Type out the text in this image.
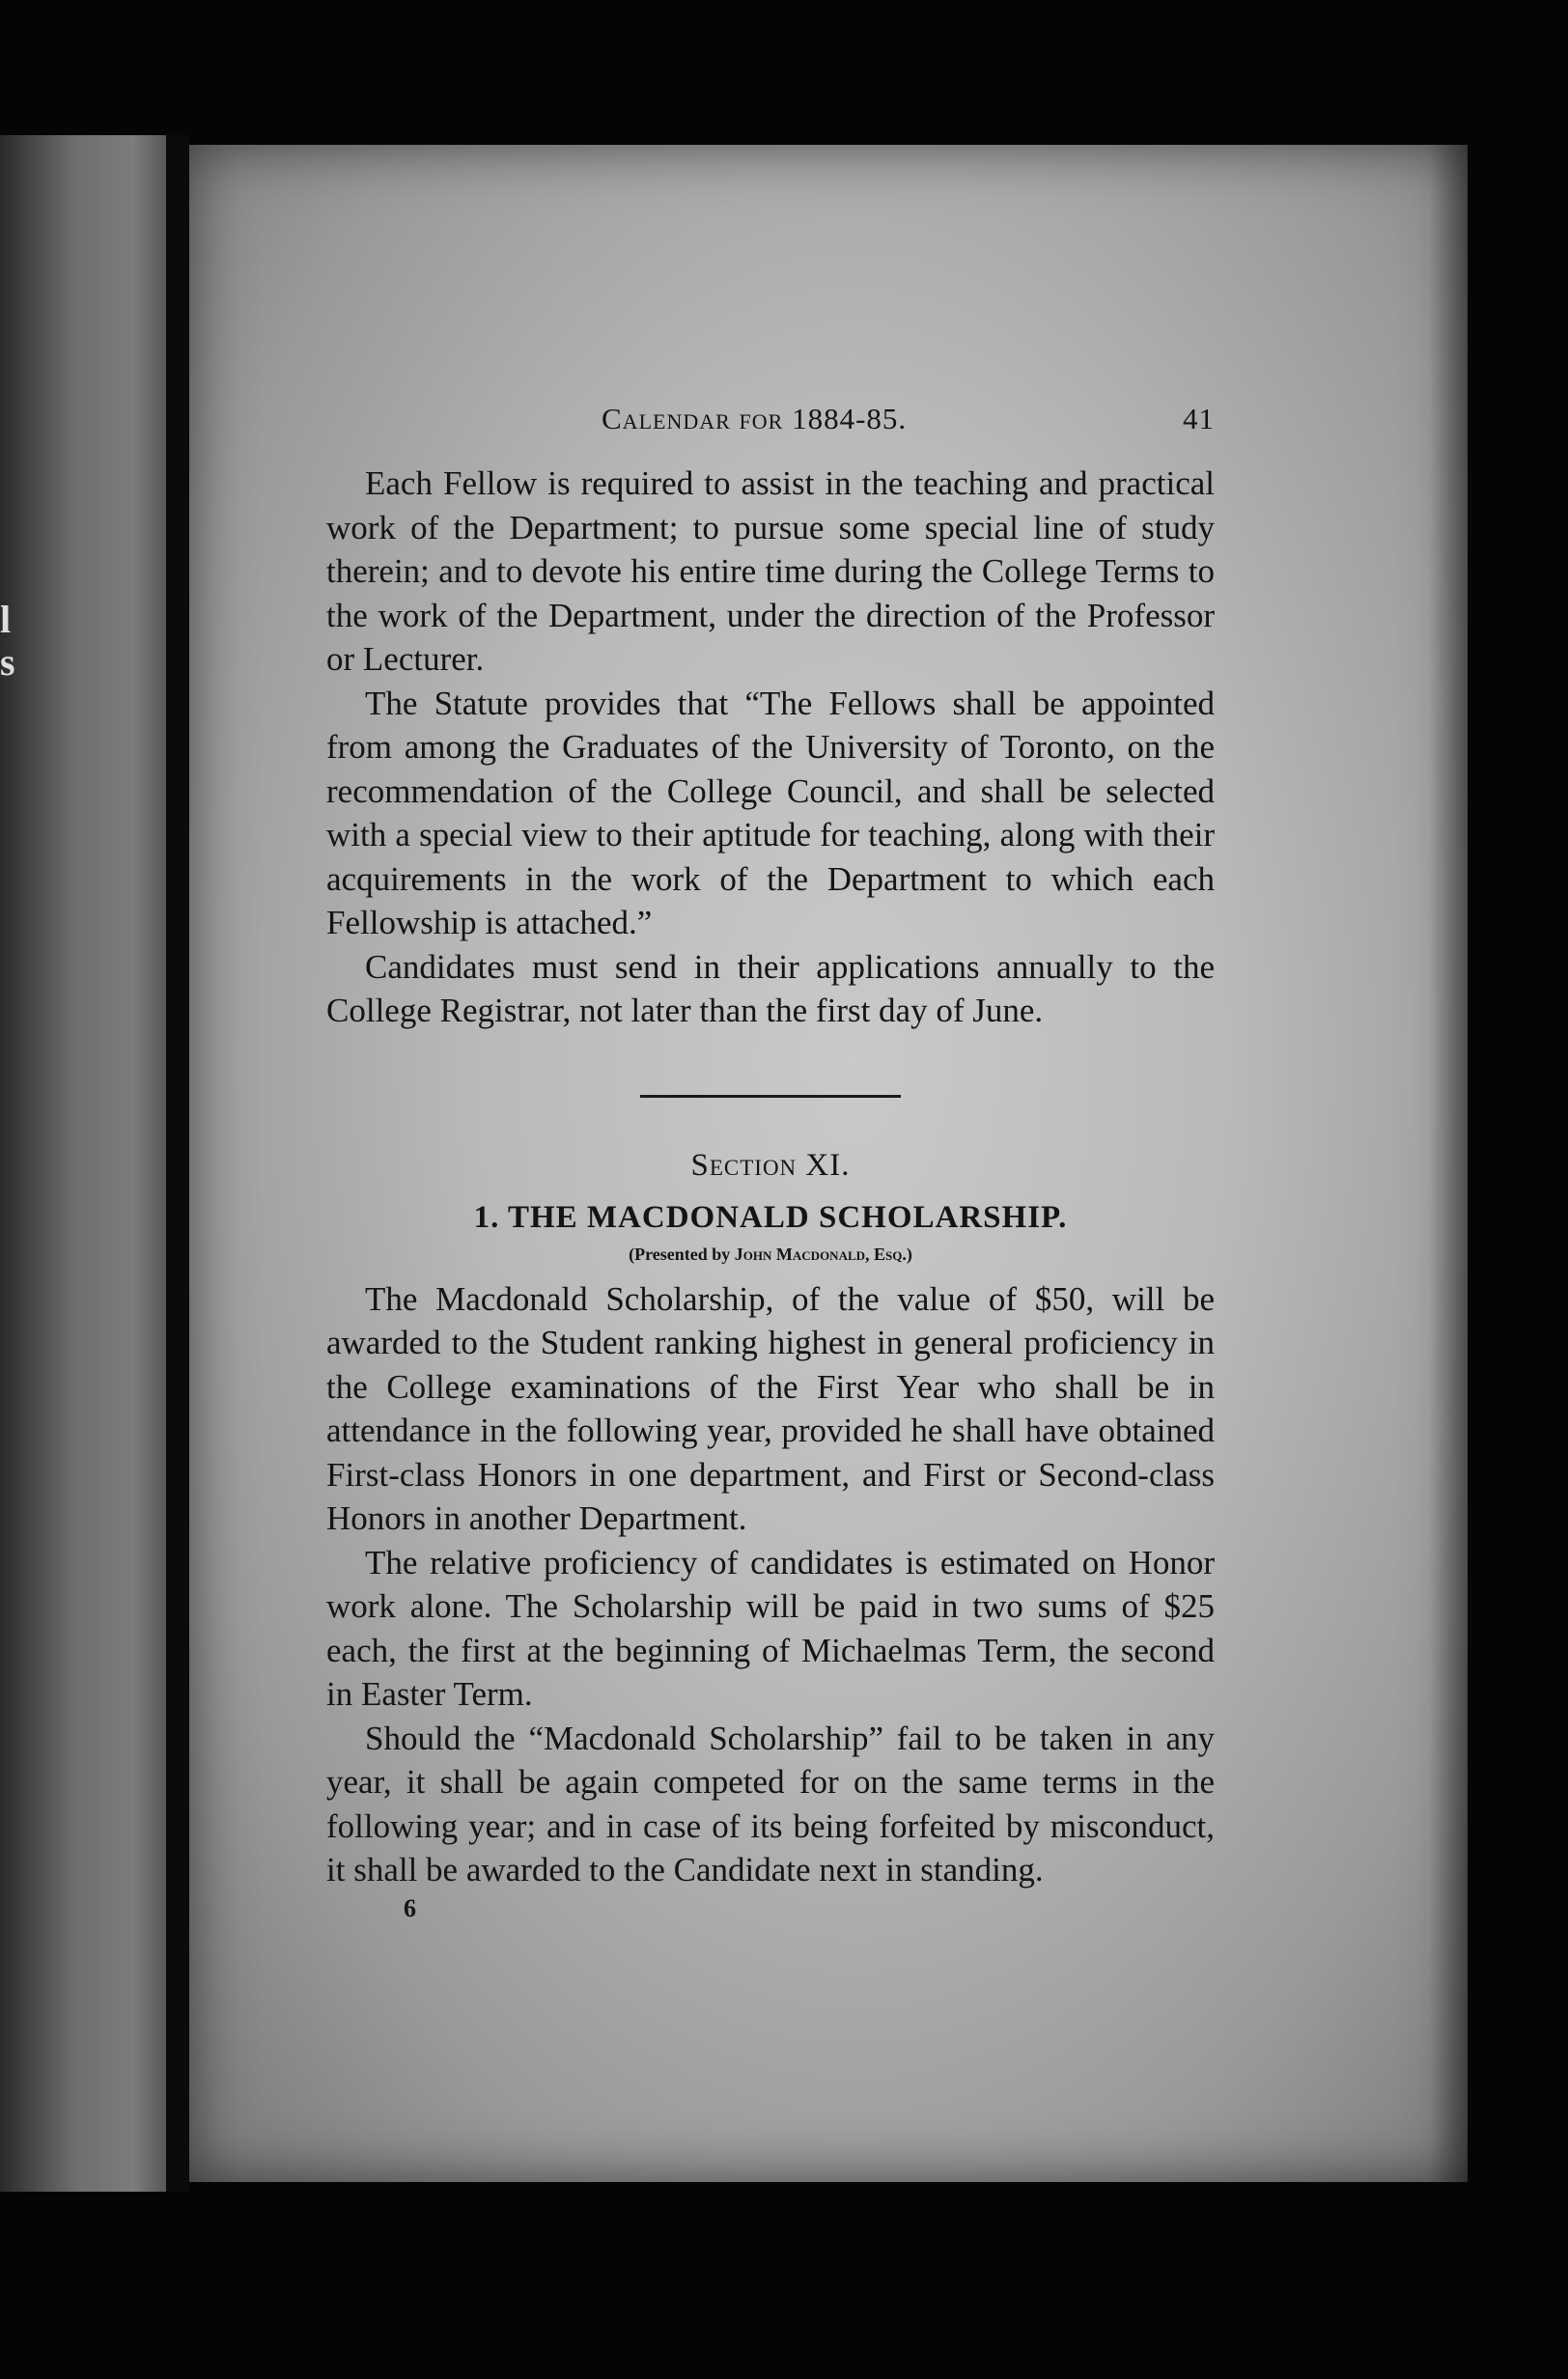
l
s
Calendar for 1884-85.	41

Each Fellow is required to assist in the teaching and practical work of the Department; to pursue some special line of study therein; and to devote his entire time during the College Terms to the work of the Department, under the direction of the Professor or Lecturer.

The Statute provides that “The Fellows shall be appointed from among the Graduates of the University of Toronto, on the recommendation of the College Council, and shall be selected with a special view to their aptitude for teaching, along with their acquirements in the work of the Department to which each Fellowship is attached.”

Candidates must send in their applications annually to the College Registrar, not later than the first day of June.

Section XI.
1. THE MACDONALD SCHOLARSHIP.
(Presented by John Macdonald, Esq.)

The Macdonald Scholarship, of the value of $50, will be awarded to the Student ranking highest in general proficiency in the College examinations of the First Year who shall be in attendance in the following year, provided he shall have obtained First-class Honors in one department, and First or Second-class Honors in another Department.

The relative proficiency of candidates is estimated on Honor work alone. The Scholarship will be paid in two sums of $25 each, the first at the beginning of Michaelmas Term, the second in Easter Term.

Should the “Macdonald Scholarship” fail to be taken in any year, it shall be again competed for on the same terms in the following year; and in case of its being forfeited by misconduct, it shall be awarded to the Candidate next in standing.

6
